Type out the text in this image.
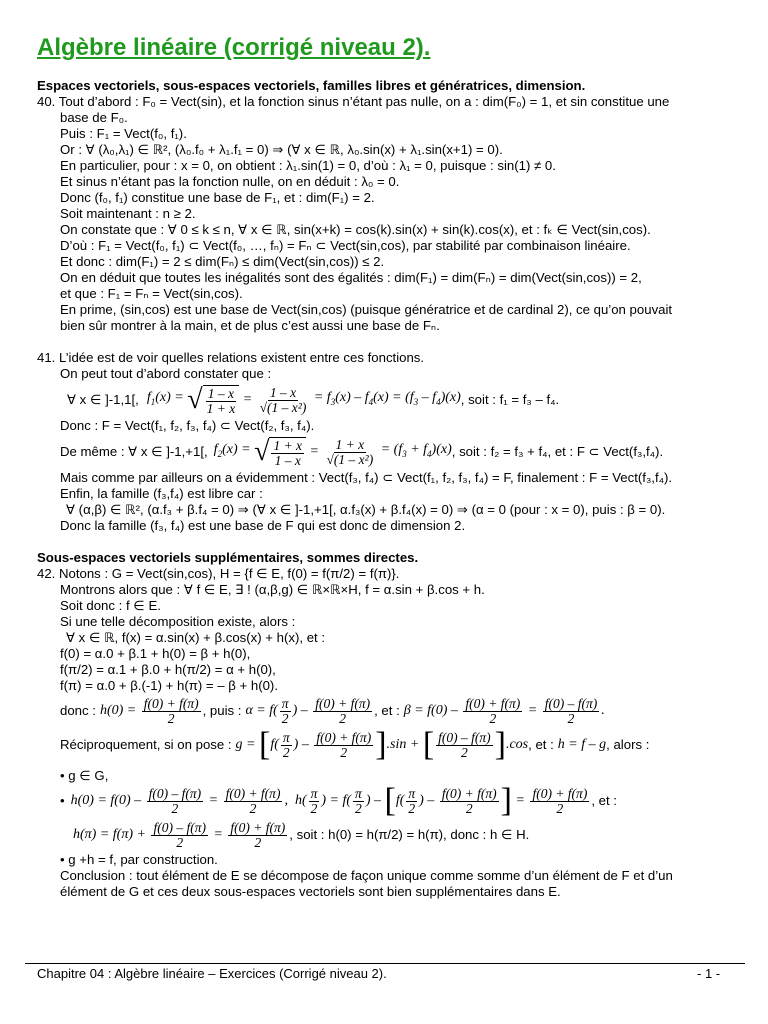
Algèbre linéaire (corrigé niveau 2).

Espaces vectoriels, sous-espaces vectoriels, familles libres et génératrices, dimension.

40. Tout d’abord : F₀ = Vect(sin), et la fonction sinus n’étant pas nulle, on a : dim(F₀) = 1, et sin constitue une

base de F₀.

Puis : F₁ = Vect(f₀, f₁).

Or : ∀ (λ₀,λ₁) ∈ ℝ², (λ₀.f₀ + λ₁.f₁ = 0) ⇒ (∀ x ∈ ℝ, λ₀.sin(x) + λ₁.sin(x+1) = 0).

En particulier, pour : x = 0, on obtient : λ₁.sin(1) = 0, d’où : λ₁ = 0, puisque : sin(1) ≠ 0.

Et sinus n’étant pas la fonction nulle, on en déduit : λ₀ = 0.

Donc (f₀, f₁) constitue une base de F₁, et : dim(F₁) = 2.

Soit maintenant : n ≥ 2.

On constate que : ∀ 0 ≤ k ≤ n, ∀ x ∈ ℝ, sin(x+k) = cos(k).sin(x) + sin(k).cos(x), et : fₖ ∈ Vect(sin,cos).

D’où : F₁ = Vect(f₀, f₁) ⊂ Vect(f₀, …, fₙ) = Fₙ ⊂ Vect(sin,cos), par stabilité par combinaison linéaire.

Et donc : dim(F₁) = 2 ≤ dim(Fₙ) ≤ dim(Vect(sin,cos)) ≤ 2.

On en déduit que toutes les inégalités sont des égalités : dim(F₁) = dim(Fₙ) = dim(Vect(sin,cos)) = 2,

et que : F₁ = Fₙ = Vect(sin,cos).

En prime, (sin,cos) est une base de Vect(sin,cos) (puisque génératrice et de cardinal 2), ce qu’on pouvait

bien sûr montrer à la main, et de plus c’est aussi une base de Fₙ.

41. L’idée est de voir quelles relations existent entre ces fonctions.

On peut tout d’abord constater que :

∀ x ∈ ]-1,1[, $f_1(x)$ = √ $\frac{1 - x}{1 + x} = \frac{1 - x}{\text{√(1 – x²)}} = f_3(x) - f_4(x) = (f_3 - f_4)(x)$ , soit : f₁ = f₃ – f₄.

Donc : F = Vect(f₁, f₂, f₃, f₄) ⊂ Vect(f₂, f₃, f₄).

De même : ∀ x ∈ ]-1,+1[, $f_2(x)$ = √ $\frac{1 + x}{1 - x} = \frac{1 + x}{\text{√(1 – x²)}} = (f_3 + f_4)(x)$ , soit : f₂ = f₃ + f₄, et : F ⊂ Vect(f₃,f₄).

Mais comme par ailleurs on a évidemment : Vect(f₃, f₄) ⊂ Vect(f₁, f₂, f₃, f₄) = F, finalement : F = Vect(f₃,f₄).

Enfin, la famille (f₃,f₄) est libre car :

∀ (α,β) ∈ ℝ², (α.f₃ + β.f₄ = 0) ⇒ (∀ x ∈ ]-1,+1[, α.f₃(x) + β.f₄(x) = 0) ⇒ (α = 0 (pour : x = 0), puis : β = 0).

Donc la famille (f₃, f₄) est une base de F qui est donc de dimension 2.

Sous-espaces vectoriels supplémentaires, sommes directes.

42. Notons : G = Vect(sin,cos), H = {f ∈ E, f(0) = f(π/2) = f(π)}.

Montrons alors que : ∀ f ∈ E, ∃ ! (α,β,g) ∈ ℝ×ℝ×H, f = α.sin + β.cos + h.

Soit donc : f ∈ E.

Si une telle décomposition existe, alors :

∀ x ∈ ℝ, f(x) = α.sin(x) + β.cos(x) + h(x), et :

f(0) = α.0 + β.1 + h(0) = β + h(0),

f(π/2) = α.1 + β.0 + h(π/2) = α + h(0),

f(π) = α.0 + β.(-1) + h(π) = – β + h(0).

donc : $h(0) = \frac{f(0) + f(\pi)}{2}$ , puis : $\alpha = f( \frac{\pi}{2}$ ) – $\frac{f(0) + f(\pi)}{2}$ , et : $\beta = f(0) - \frac{f(0) + f(\pi)}{2} = \frac{f(0) - f(\pi)}{2}$ .
Réciproquement, si on pose : g = [ $f( \frac{\pi}{2}$ ) – $\frac{f(0) + f(\pi)}{2}$ ] .sin + [ $\frac{f(0) - f(\pi)}{2}$ ] .cos , et : h = f – g , alors :

• g ∈ G,

• $h(0) = f(0) - \frac{f(0) - f(\pi)}{2} = \frac{f(0) + f(\pi)}{2}$ ,  $h( \frac{\pi}{2}$ ) = $f( \frac{\pi}{2}$ ) – [ $f( \frac{\pi}{2}$ ) – $\frac{f(0) + f(\pi)}{2}$ ] = $\frac{f(0) + f(\pi)}{2}$ , et :
$h(\pi) = f(\pi) + \frac{f(0) - f(\pi)}{2} = \frac{f(0) + f(\pi)}{2}$ , soit : h(0) = h(π/2) = h(π), donc : h ∈ H.

• g +h = f, par construction.

Conclusion : tout élément de E se décompose de façon unique comme somme d’un élément de F et d’un

élément de G et ces deux sous-espaces vectoriels sont bien supplémentaires dans E.

Chapitre 04 : Algèbre linéaire – Exercices (Corrigé niveau 2).	- 1 -
